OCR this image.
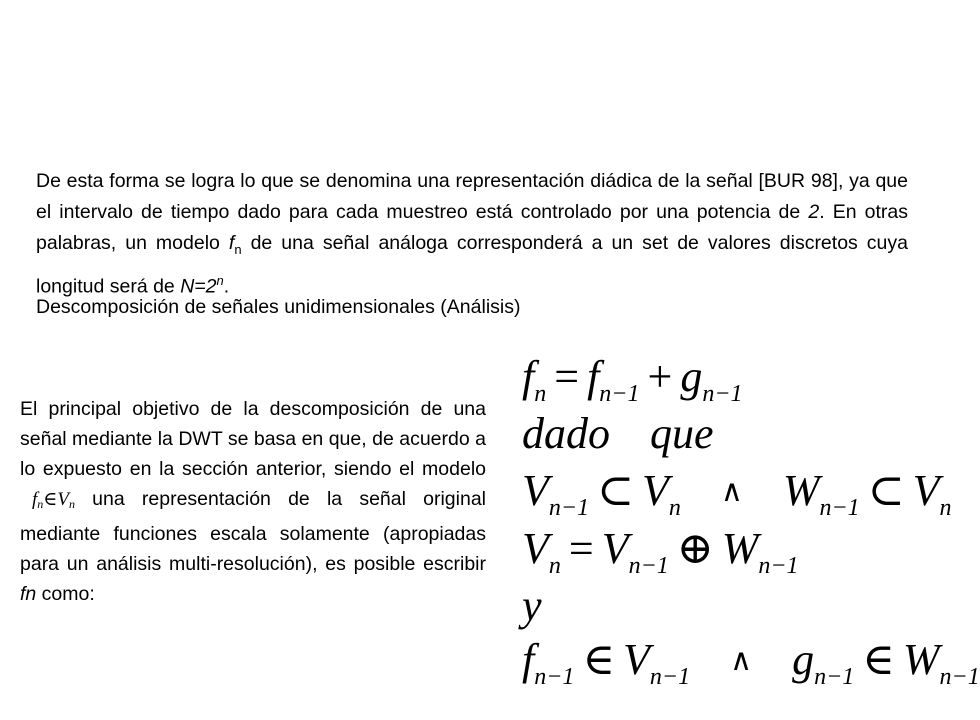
De esta forma se logra lo que se denomina una representación diádica de la señal [BUR 98], ya que el intervalo de tiempo dado para cada muestreo está controlado por una potencia de 2. En otras palabras, un modelo $f_n$ de una señal análoga corresponderá a un set de valores discretos cuya longitud será de $N=2^n$.

Descomposición de señales unidimensionales (Análisis)

El principal objetivo de la descomposición de una señal mediante la DWT se basa en que, de acuerdo a lo expuesto en la sección anterior, siendo el $modelof_n\in V_n$ una representación de la señal original mediante funciones escala solamente (apropiadas para un análisis multi-resolución), es posible escribir fn como:

$f_n = f_{n-1} + g_{n-1}$
dado que
$V_{n-1}$ ⊂ $V_n$ ∧ $W_{n-1}$ ⊂ $V_n$
$V_n = V_{n-1}$ ⊕ $W_{n-1}$
y
$f_{n-1}$ ∈ $V_{n-1}$ ∧ $g_{n-1}$ ∈ $W_{n-1}$
